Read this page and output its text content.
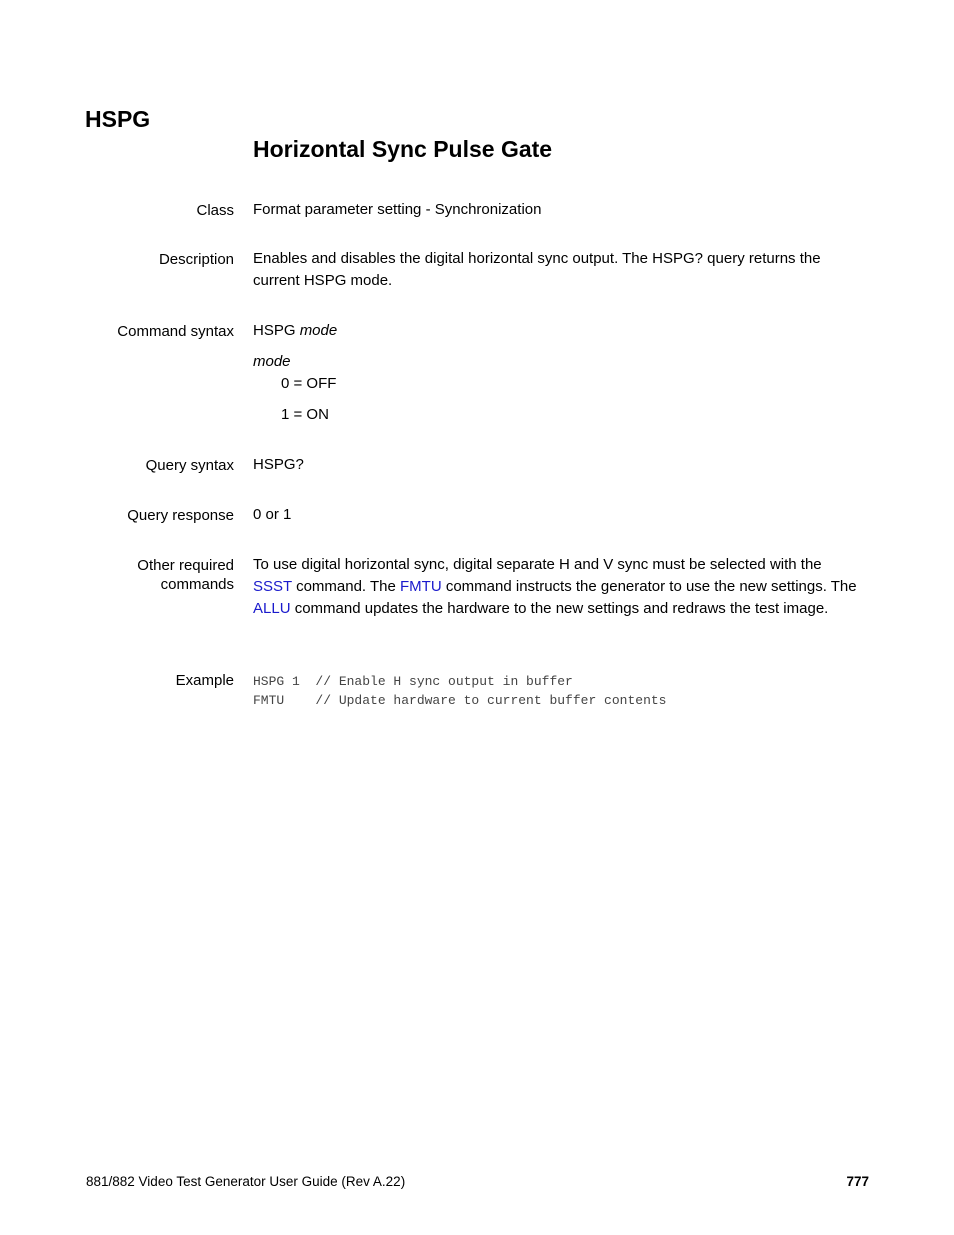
HSPG
Horizontal Sync Pulse Gate
Class Format parameter setting - Synchronization
Description Enables and disables the digital horizontal sync output. The HSPG? query returns the current HSPG mode.
Command syntax HSPG mode
mode
0 = OFF
1 = ON
Query syntax HSPG?
Query response 0 or 1
Other required
commands
To use digital horizontal sync, digital separate H and V sync must be selected with the SSST command. The FMTU command instructs the generator to use the new settings. The ALLU command updates the hardware to the new settings and redraws the test image.
Example HSPG 1  // Enable H sync output in buffer
FMTU    // Update hardware to current buffer contents
881/882 Video Test Generator User Guide (Rev A.22)	777
